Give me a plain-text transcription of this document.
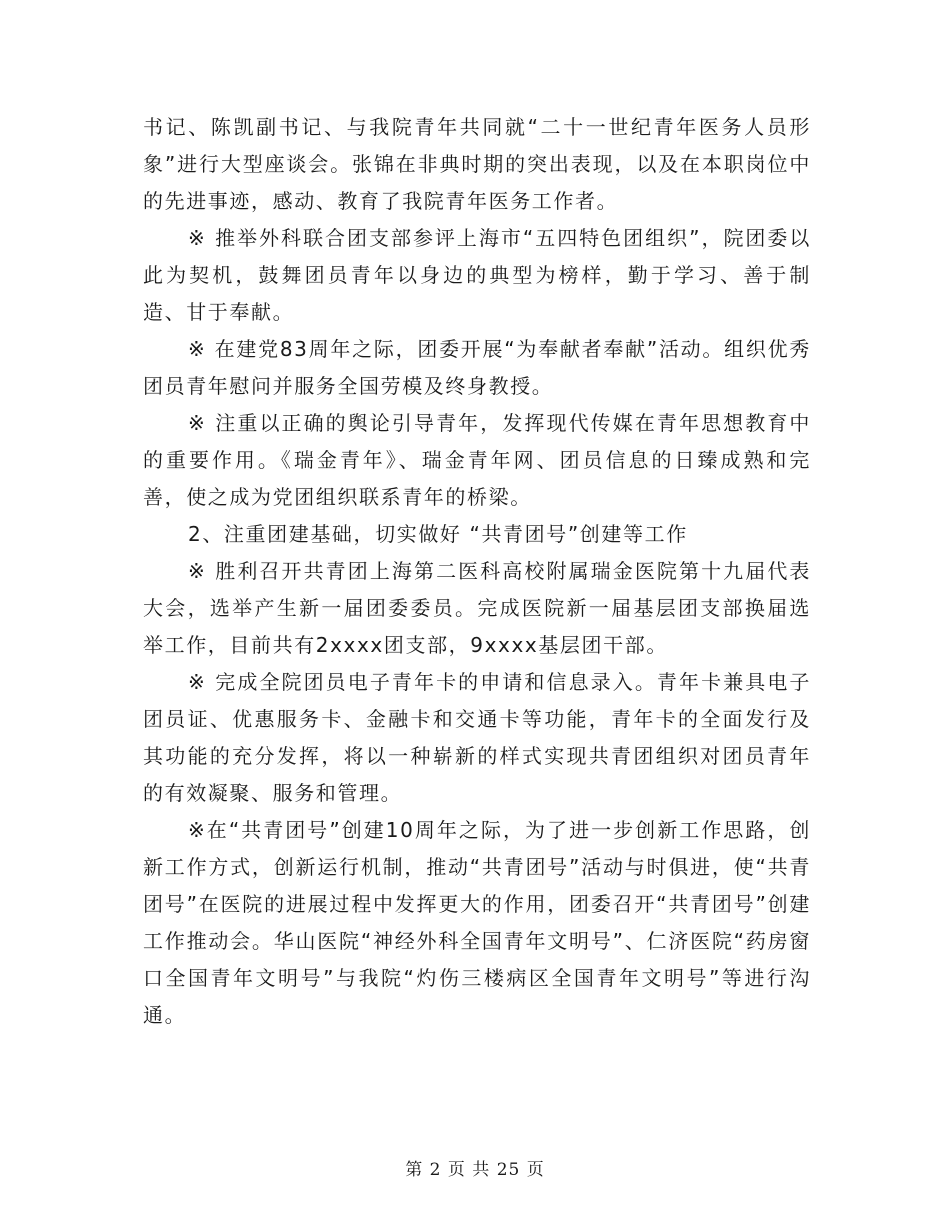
书记、陈凯副书记、与我院青年共同就“二十一世纪青年医务人员形象”进行大型座谈会。张锦在非典时期的突出表现，以及在本职岗位中的先进事迹，感动、教育了我院青年医务工作者。

※ 推举外科联合团支部参评上海市“五四特色团组织”，院团委以此为契机，鼓舞团员青年以身边的典型为榜样，勤于学习、善于制造、甘于奉献。

※ 在建党83周年之际，团委开展“为奉献者奉献”活动。组织优秀团员青年慰问并服务全国劳模及终身教授。

※ 注重以正确的舆论引导青年，发挥现代传媒在青年思想教育中的重要作用。《瑞金青年》、瑞金青年网、团员信息的日臻成熟和完善，使之成为党团组织联系青年的桥梁。

2、注重团建基础，切实做好 “共青团号”创建等工作

※ 胜利召开共青团上海第二医科高校附属瑞金医院第十九届代表大会，选举产生新一届团委委员。完成医院新一届基层团支部换届选举工作，目前共有2xxxx团支部，9xxxx基层团干部。

※ 完成全院团员电子青年卡的申请和信息录入。青年卡兼具电子团员证、优惠服务卡、金融卡和交通卡等功能，青年卡的全面发行及其功能的充分发挥，将以一种崭新的样式实现共青团组织对团员青年的有效凝聚、服务和管理。

※在“共青团号”创建10周年之际，为了进一步创新工作思路，创新工作方式，创新运行机制，推动“共青团号”活动与时俱进，使“共青团号”在医院的进展过程中发挥更大的作用，团委召开“共青团号”创建工作推动会。华山医院“神经外科全国青年文明号”、仁济医院“药房窗口全国青年文明号”与我院“灼伤三楼病区全国青年文明号”等进行沟通。

第 2 页 共 25 页
